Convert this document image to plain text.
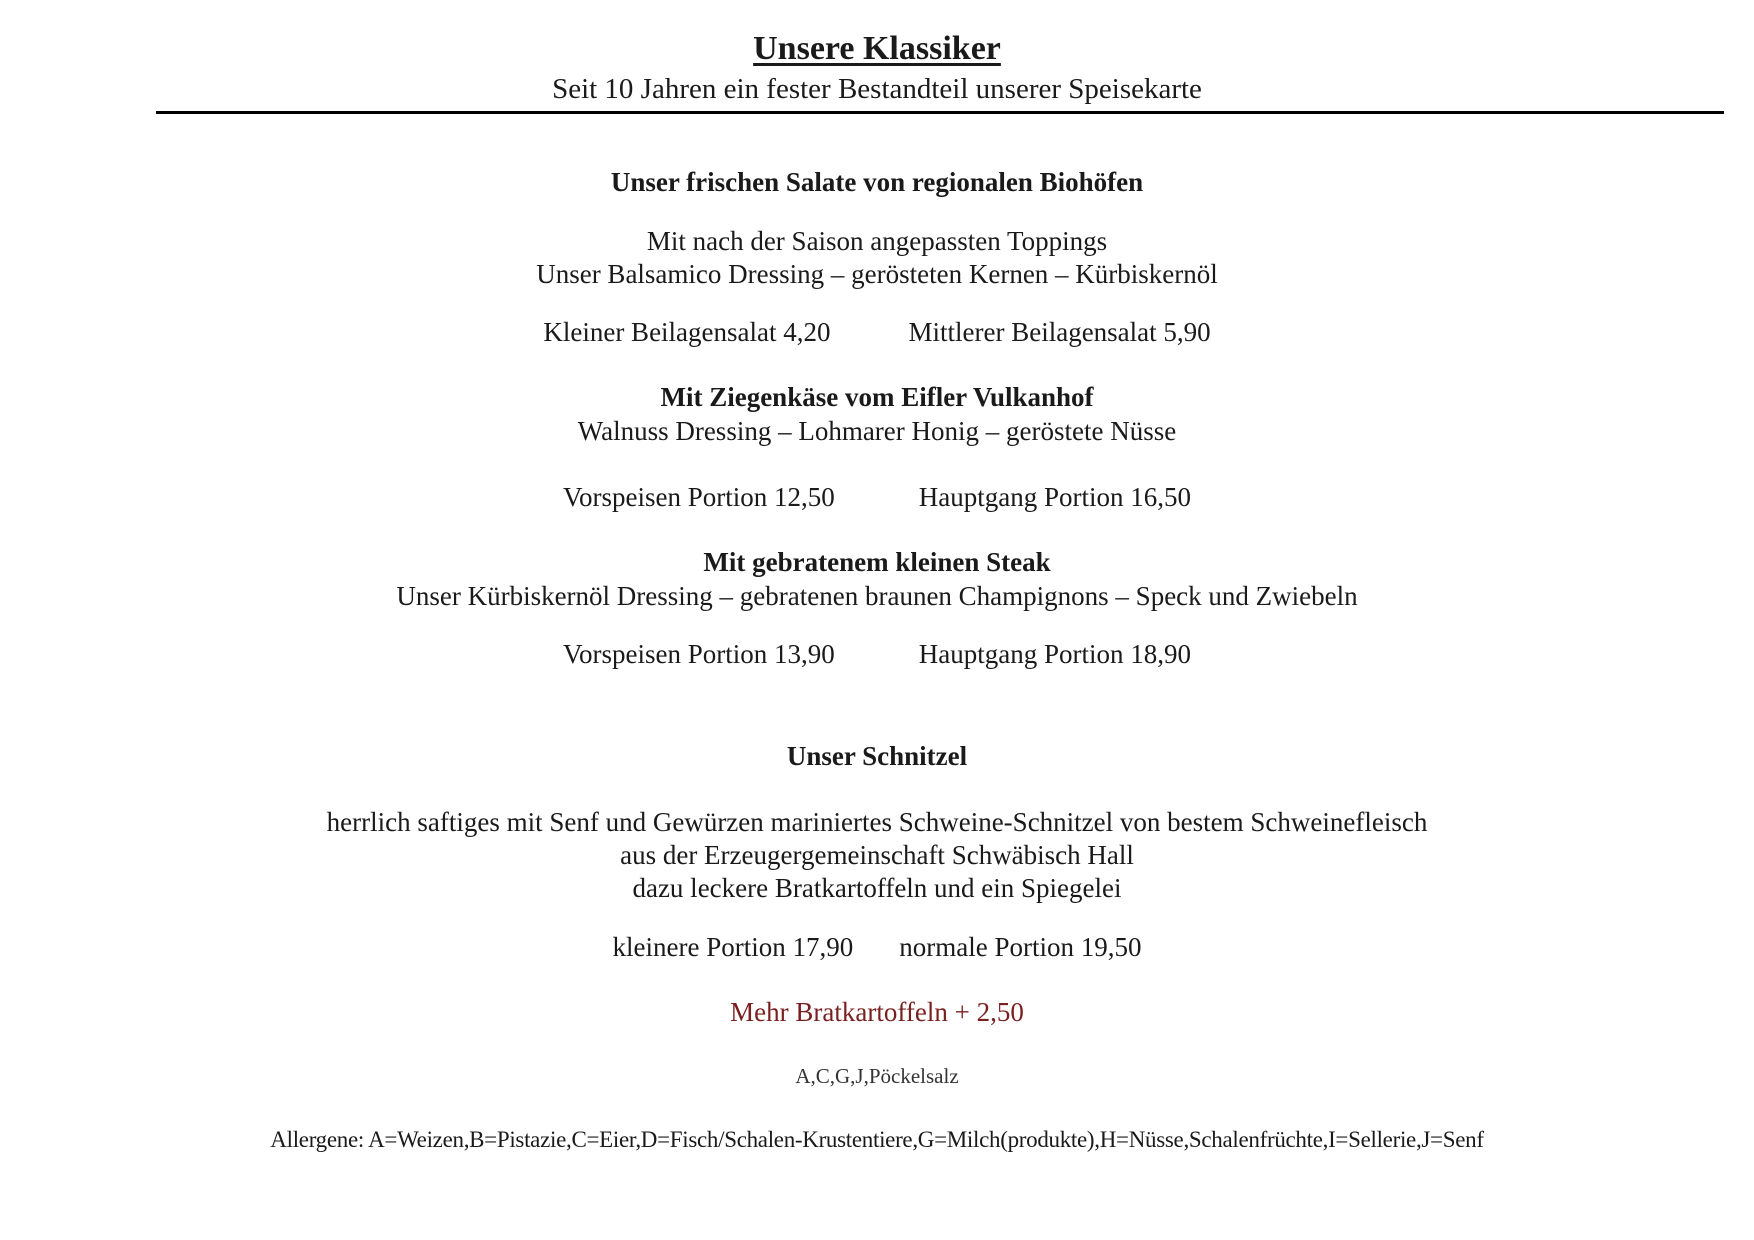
Unsere Klassiker
Seit 10 Jahren ein fester Bestandteil unserer Speisekarte
Unser frischen Salate von regionalen Biohöfen
Mit nach der Saison angepassten Toppings
Unser Balsamico Dressing – gerösteten Kernen – Kürbiskernöl
Kleiner Beilagensalat 4,20	Mittlerer Beilagensalat 5,90
Mit Ziegenkäse vom Eifler Vulkanhof
Walnuss Dressing – Lohmarer Honig – geröstete Nüsse
Vorspeisen Portion 12,50	Hauptgang Portion 16,50
Mit gebratenem kleinen Steak
Unser Kürbiskernöl Dressing – gebratenen braunen Champignons – Speck und Zwiebeln
Vorspeisen Portion 13,90	Hauptgang Portion 18,90
Unser Schnitzel
herrlich saftiges mit Senf und Gewürzen mariniertes Schweine-Schnitzel von bestem Schweinefleisch
aus der Erzeugergemeinschaft Schwäbisch Hall
dazu leckere Bratkartoffeln und ein Spiegelei
kleinere Portion 17,90 normale Portion 19,50
Mehr Bratkartoffeln + 2,50
A,C,G,J,Pöckelsalz
Allergene: A=Weizen,B=Pistazie,C=Eier,D=Fisch/Schalen-Krustentiere,G=Milch(produkte),H=Nüsse,Schalenfrüchte,I=Sellerie,J=Senf
